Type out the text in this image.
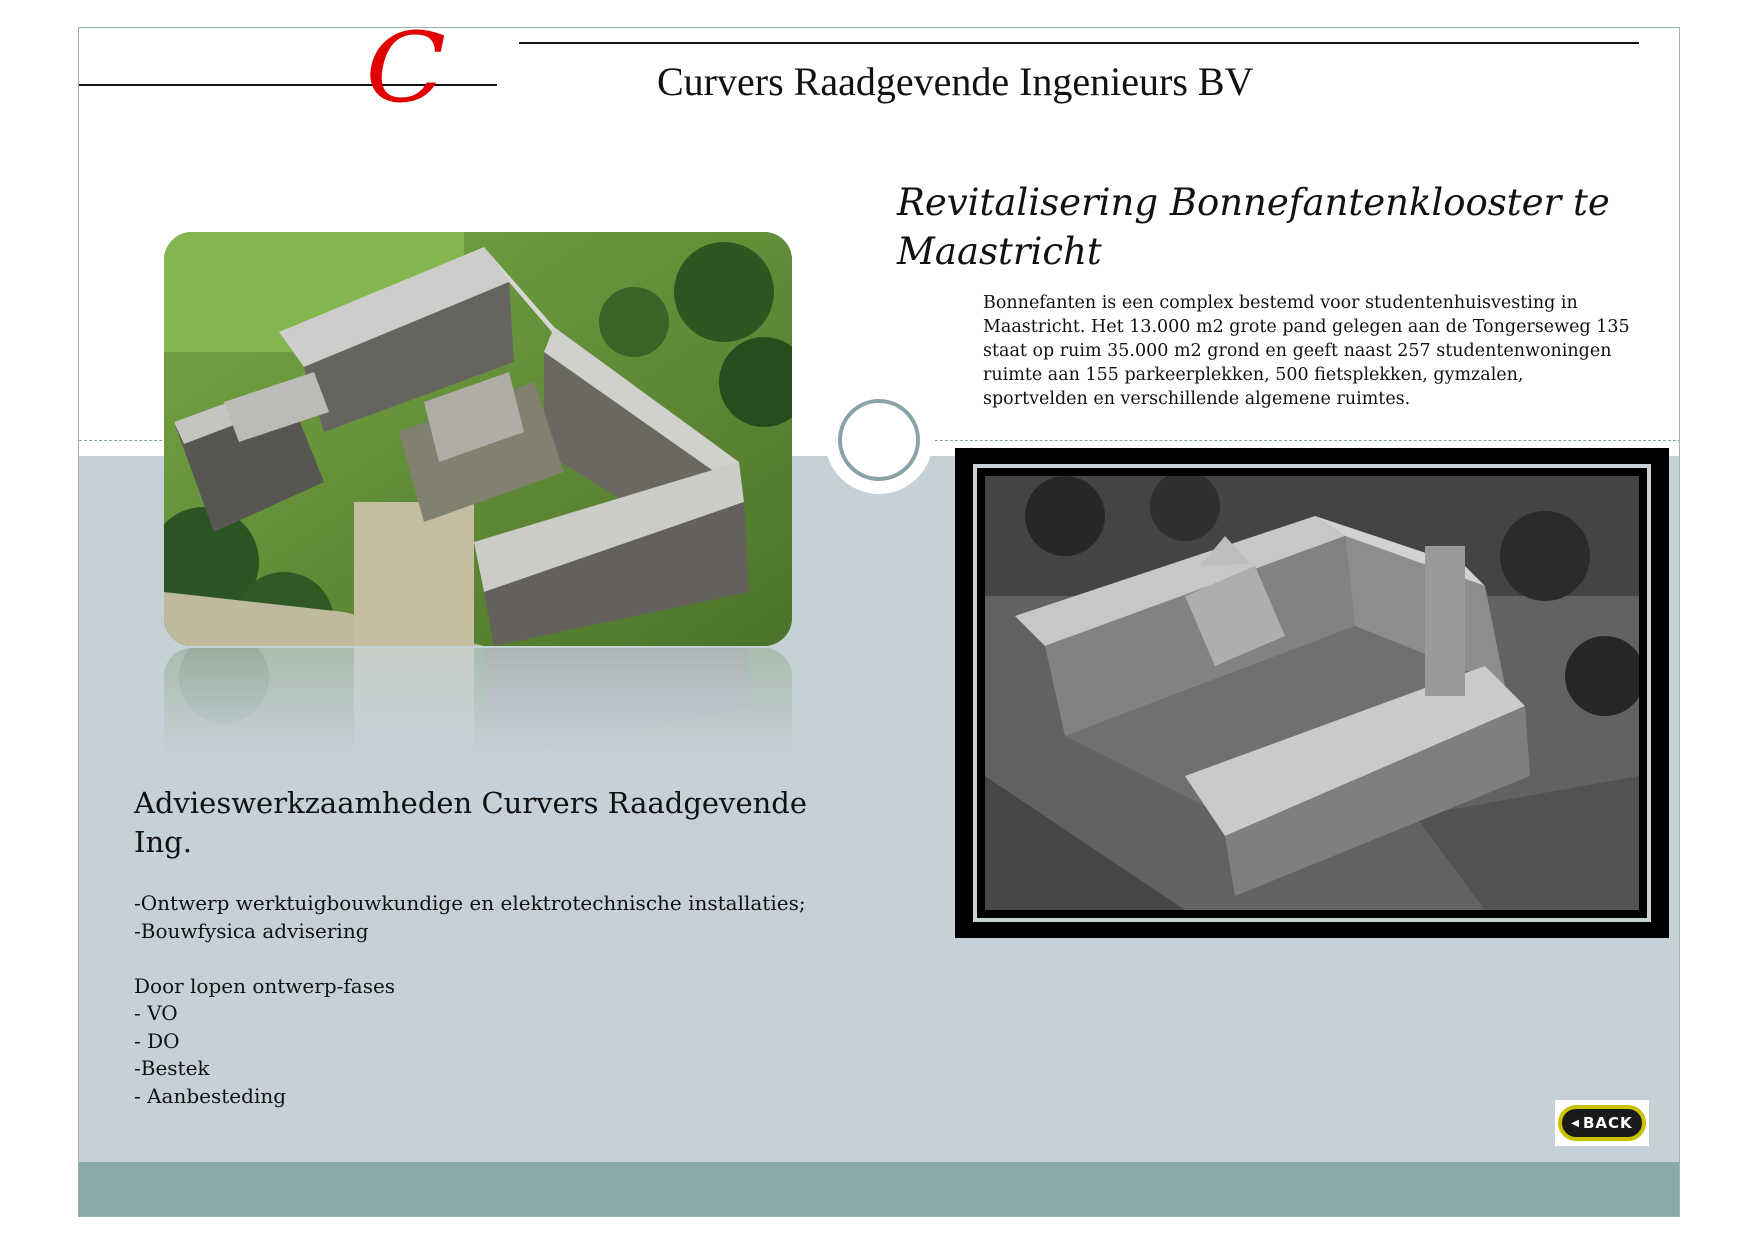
C	Curvers Raadgevende Ingenieurs BV
Revitalisering Bonnefantenklooster te Maastricht
Bonnefanten is een complex bestemd voor studentenhuisvesting in Maastricht. Het 13.000 m2 grote pand gelegen aan de Tongerseweg 135 staat op ruim 35.000 m2 grond en geeft naast 257 studentenwoningen ruimte aan 155 parkeerplekken, 500 fietsplekken, gymzalen, sportvelden en verschillende algemene ruimtes.
Advieswerkzaamheden Curvers Raadgevende Ing.
-Ontwerp werktuigbouwkundige en elektrotechnische installaties;
-Bouwfysica advisering
Door lopen ontwerp-fases
- VO
- DO
-Bestek
- Aanbesteding
◀ BACK
